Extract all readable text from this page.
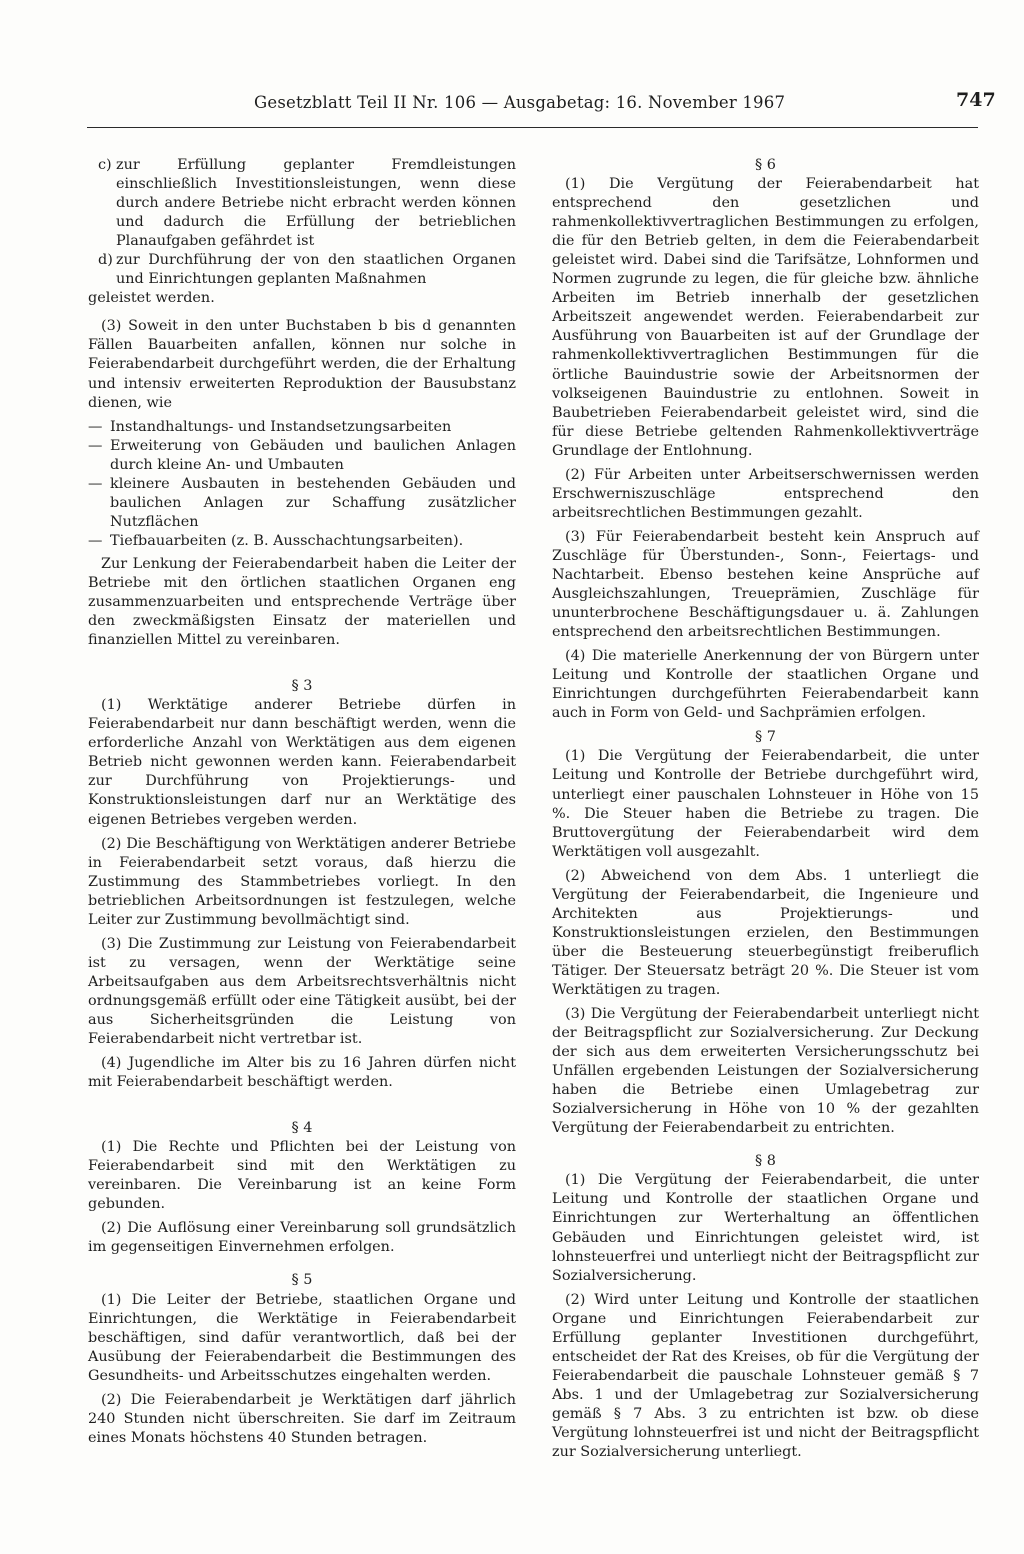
Gesetzblatt Teil II Nr. 106 — Ausgabetag: 16. November 1967	747

c) zur Erfüllung geplanter Fremdleistungen einschließlich Investitionsleistungen, wenn diese durch andere Betriebe nicht erbracht werden können und dadurch die Erfüllung der betrieblichen Planaufgaben gefährdet ist

d) zur Durchführung der von den staatlichen Organen und Einrichtungen geplanten Maßnahmen

geleistet werden.

(3) Soweit in den unter Buchstaben b bis d genannten Fällen Bauarbeiten anfallen, können nur solche in Feierabendarbeit durchgeführt werden, die der Erhaltung und intensiv erweiterten Reproduktion der Bausubstanz dienen, wie

— Instandhaltungs- und Instandsetzungsarbeiten

— Erweiterung von Gebäuden und baulichen Anlagen durch kleine An- und Umbauten

— kleinere Ausbauten in bestehenden Gebäuden und baulichen Anlagen zur Schaffung zusätzlicher Nutzflächen

— Tiefbauarbeiten (z. B. Ausschachtungsarbeiten).

Zur Lenkung der Feierabendarbeit haben die Leiter der Betriebe mit den örtlichen staatlichen Organen eng zusammenzuarbeiten und entsprechende Verträge über den zweckmäßigsten Einsatz der materiellen und finanziellen Mittel zu vereinbaren.

§ 3

(1) Werktätige anderer Betriebe dürfen in Feierabendarbeit nur dann beschäftigt werden, wenn die erforderliche Anzahl von Werktätigen aus dem eigenen Betrieb nicht gewonnen werden kann. Feierabendarbeit zur Durchführung von Projektierungs- und Konstruktionsleistungen darf nur an Werktätige des eigenen Betriebes vergeben werden.

(2) Die Beschäftigung von Werktätigen anderer Betriebe in Feierabendarbeit setzt voraus, daß hierzu die Zustimmung des Stammbetriebes vorliegt. In den betrieblichen Arbeitsordnungen ist festzulegen, welche Leiter zur Zustimmung bevollmächtigt sind.

(3) Die Zustimmung zur Leistung von Feierabendarbeit ist zu versagen, wenn der Werktätige seine Arbeitsaufgaben aus dem Arbeitsrechtsverhältnis nicht ordnungsgemäß erfüllt oder eine Tätigkeit ausübt, bei der aus Sicherheitsgründen die Leistung von Feierabendarbeit nicht vertretbar ist.

(4) Jugendliche im Alter bis zu 16 Jahren dürfen nicht mit Feierabendarbeit beschäftigt werden.

§ 4

(1) Die Rechte und Pflichten bei der Leistung von Feierabendarbeit sind mit den Werktätigen zu vereinbaren. Die Vereinbarung ist an keine Form gebunden.

(2) Die Auflösung einer Vereinbarung soll grundsätzlich im gegenseitigen Einvernehmen erfolgen.

§ 5

(1) Die Leiter der Betriebe, staatlichen Organe und Einrichtungen, die Werktätige in Feierabendarbeit beschäftigen, sind dafür verantwortlich, daß bei der Ausübung der Feierabendarbeit die Bestimmungen des Gesundheits- und Arbeitsschutzes eingehalten werden.

(2) Die Feierabendarbeit je Werktätigen darf jährlich 240 Stunden nicht überschreiten. Sie darf im Zeitraum eines Monats höchstens 40 Stunden betragen.

§ 6

(1) Die Vergütung der Feierabendarbeit hat entsprechend den gesetzlichen und rahmenkollektivvertraglichen Bestimmungen zu erfolgen, die für den Betrieb gelten, in dem die Feierabendarbeit geleistet wird. Dabei sind die Tarifsätze, Lohnformen und Normen zugrunde zu legen, die für gleiche bzw. ähnliche Arbeiten im Betrieb innerhalb der gesetzlichen Arbeitszeit angewendet werden. Feierabendarbeit zur Ausführung von Bauarbeiten ist auf der Grundlage der rahmenkollektivvertraglichen Bestimmungen für die örtliche Bauindustrie sowie der Arbeitsnormen der volkseigenen Bauindustrie zu entlohnen. Soweit in Baubetrieben Feierabendarbeit geleistet wird, sind die für diese Betriebe geltenden Rahmenkollektivverträge Grundlage der Entlohnung.

(2) Für Arbeiten unter Arbeitserschwernissen werden Erschwerniszuschläge entsprechend den arbeitsrechtlichen Bestimmungen gezahlt.

(3) Für Feierabendarbeit besteht kein Anspruch auf Zuschläge für Überstunden-, Sonn-, Feiertags- und Nachtarbeit. Ebenso bestehen keine Ansprüche auf Ausgleichszahlungen, Treueprämien, Zuschläge für ununterbrochene Beschäftigungsdauer u. ä. Zahlungen entsprechend den arbeitsrechtlichen Bestimmungen.

(4) Die materielle Anerkennung der von Bürgern unter Leitung und Kontrolle der staatlichen Organe und Einrichtungen durchgeführten Feierabendarbeit kann auch in Form von Geld- und Sachprämien erfolgen.

§ 7

(1) Die Vergütung der Feierabendarbeit, die unter Leitung und Kontrolle der Betriebe durchgeführt wird, unterliegt einer pauschalen Lohnsteuer in Höhe von 15 %. Die Steuer haben die Betriebe zu tragen. Die Bruttovergütung der Feierabendarbeit wird dem Werktätigen voll ausgezahlt.

(2) Abweichend von dem Abs. 1 unterliegt die Vergütung der Feierabendarbeit, die Ingenieure und Architekten aus Projektierungs- und Konstruktionsleistungen erzielen, den Bestimmungen über die Besteuerung steuerbegünstigt freiberuflich Tätiger. Der Steuersatz beträgt 20 %. Die Steuer ist vom Werktätigen zu tragen.

(3) Die Vergütung der Feierabendarbeit unterliegt nicht der Beitragspflicht zur Sozialversicherung. Zur Deckung der sich aus dem erweiterten Versicherungsschutz bei Unfällen ergebenden Leistungen der Sozialversicherung haben die Betriebe einen Umlagebetrag zur Sozialversicherung in Höhe von 10 % der gezahlten Vergütung der Feierabendarbeit zu entrichten.

§ 8

(1) Die Vergütung der Feierabendarbeit, die unter Leitung und Kontrolle der staatlichen Organe und Einrichtungen zur Werterhaltung an öffentlichen Gebäuden und Einrichtungen geleistet wird, ist lohnsteuerfrei und unterliegt nicht der Beitragspflicht zur Sozialversicherung.

(2) Wird unter Leitung und Kontrolle der staatlichen Organe und Einrichtungen Feierabendarbeit zur Erfüllung geplanter Investitionen durchgeführt, entscheidet der Rat des Kreises, ob für die Vergütung der Feierabendarbeit die pauschale Lohnsteuer gemäß § 7 Abs. 1 und der Umlagebetrag zur Sozialversicherung gemäß § 7 Abs. 3 zu entrichten ist bzw. ob diese Vergütung lohnsteuerfrei ist und nicht der Beitragspflicht zur Sozialversicherung unterliegt.
